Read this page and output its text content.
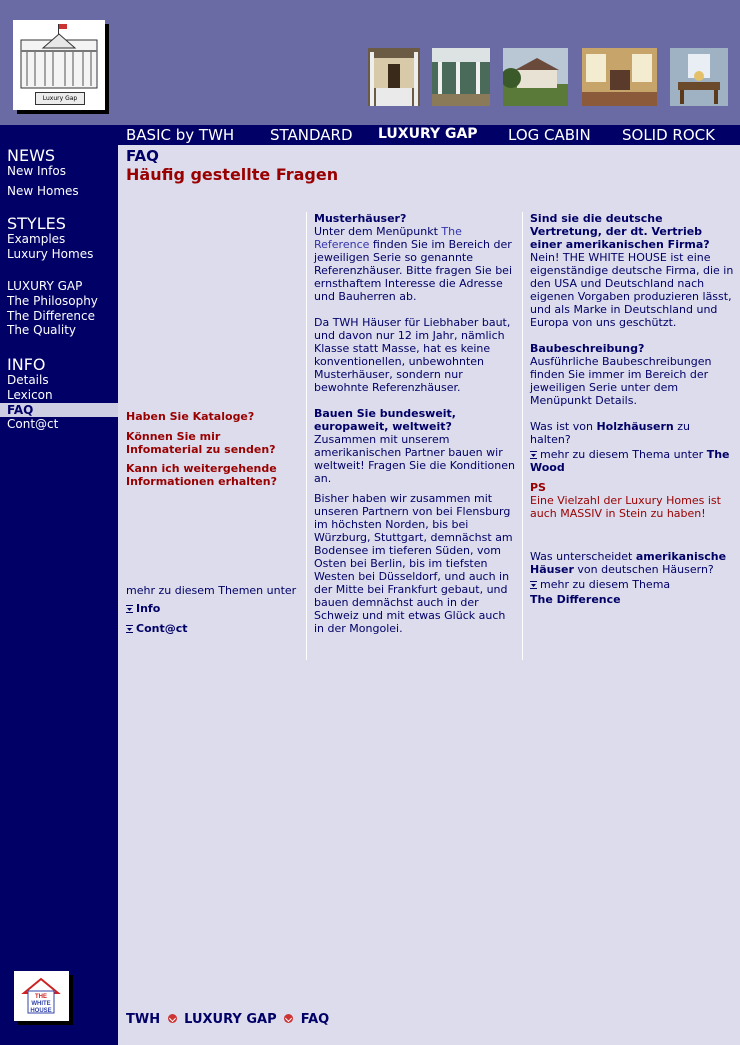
Luxury Gap
NEWS
New Infos
New Homes
STYLES
Examples
Luxury Homes
LUXURY GAP
The Philosophy
The Difference
The Quality
INFO
Details
Lexicon
FAQ
Cont@ct
BASIC by TWH STANDARD LUXURY GAP LOG CABIN SOLID ROCK
FAQ
Häufig gestellte Fragen
Haben Sie Kataloge?
Können Sie mir Infomaterial zu senden?
Kann ich weitergehende Informationen erhalten?
mehr zu diesem Themen unter
Info
Cont@ct
Musterhäuser?
Unter dem Menüpunkt The Reference finden Sie im Bereich der jeweiligen Serie so genannte Referenzhäuser. Bitte fragen Sie bei ernsthaftem Interesse die Adresse und Bauherren ab.
Da TWH Häuser für Liebhaber baut, und davon nur 12 im Jahr, nämlich Klasse statt Masse, hat es keine konventionellen, unbewohnten Musterhäuser, sondern nur bewohnte Referenzhäuser.
Bauen Sie bundesweit, europaweit, weltweit?
Zusammen mit unserem amerikanischen Partner bauen wir weltweit! Fragen Sie die Konditionen an.
Bisher haben wir zusammen mit unseren Partnern von bei Flensburg im höchsten Norden, bis bei Würzburg, Stuttgart, demnächst am Bodensee im tieferen Süden, vom Osten bei Berlin, bis im tiefsten Westen bei Düsseldorf, und auch in der Mitte bei Frankfurt gebaut, und bauen demnächst auch in der Schweiz und mit etwas Glück auch in der Mongolei.
Sind sie die deutsche Vertretung, der dt. Vertrieb einer amerikanischen Firma?
Nein! THE WHITE HOUSE ist eine eigenständige deutsche Firma, die in den USA und Deutschland nach eigenen Vorgaben produzieren lässt, und als Marke in Deutschland und Europa von uns geschützt.
Baubeschreibung?
Ausführliche Baubeschreibungen finden Sie immer im Bereich der jeweiligen Serie unter dem Menüpunkt Details.
Was ist von Holzhäusern zu halten?
mehr zu diesem Thema unter The Wood
PS
Eine Vielzahl der Luxury Homes ist auch MASSIV in Stein zu haben!
Was unterscheidet amerikanische Häuser von deutschen Häusern?
mehr zu diesem Thema
The Difference
TWH LUXURY GAP FAQ
THE
WHITE
HOUSE
